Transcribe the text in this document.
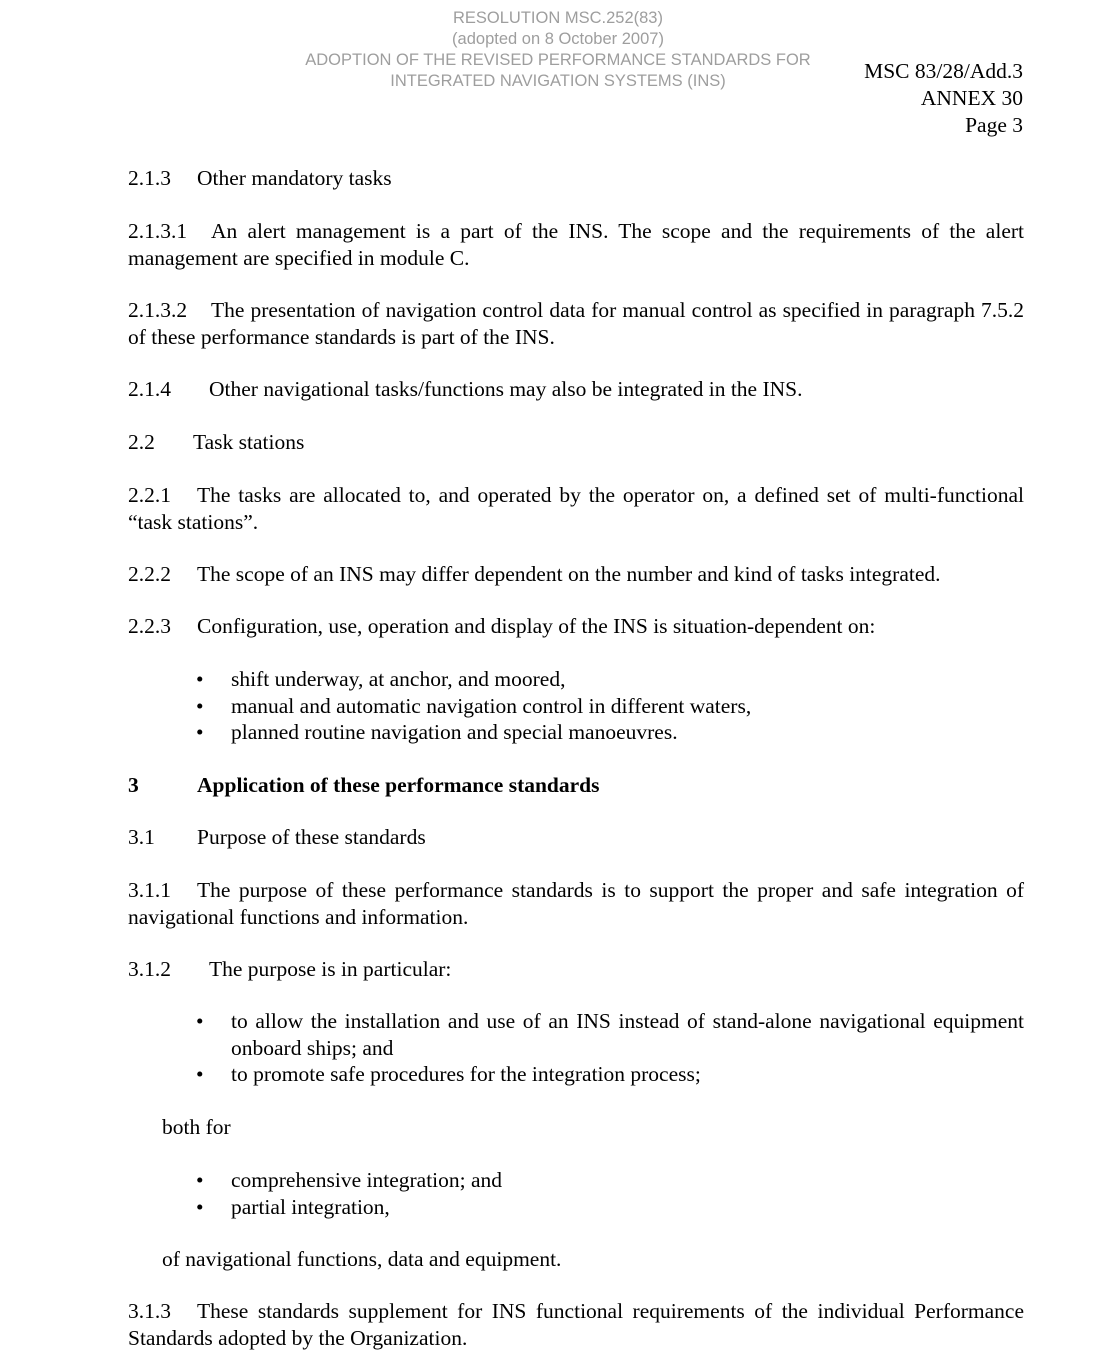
RESOLUTION MSC.252(83)
(adopted on 8 October 2007)
ADOPTION OF THE REVISED PERFORMANCE STANDARDS FOR
INTEGRATED NAVIGATION SYSTEMS (INS)	MSC 83/28/Add.3
ANNEX 30
Page 3
2.1.3 Other mandatory tasks
2.1.3.1 An alert management is a part of the INS. The scope and the requirements of the alert management are specified in module C.
2.1.3.2 The presentation of navigation control data for manual control as specified in paragraph 7.5.2 of these performance standards is part of the INS.
2.1.4 Other navigational tasks/functions may also be integrated in the INS.
2.2 Task stations
2.2.1 The tasks are allocated to, and operated by the operator on, a defined set of multi-functional “task stations”.
2.2.2 The scope of an INS may differ dependent on the number and kind of tasks integrated.
2.2.3 Configuration, use, operation and display of the INS is situation-dependent on:
• shift underway, at anchor, and moored,
• manual and automatic navigation control in different waters,
• planned routine navigation and special manoeuvres.
3	Application of these performance standards
3.1 Purpose of these standards
3.1.1 The purpose of these performance standards is to support the proper and safe integration of navigational functions and information.
3.1.2 The purpose is in particular:
• to allow the installation and use of an INS instead of stand-alone navigational equipment onboard ships; and
• to promote safe procedures for the integration process;
both for
• comprehensive integration; and
• partial integration,
of navigational functions, data and equipment.
3.1.3 These standards supplement for INS functional requirements of the individual Performance Standards adopted by the Organization.
